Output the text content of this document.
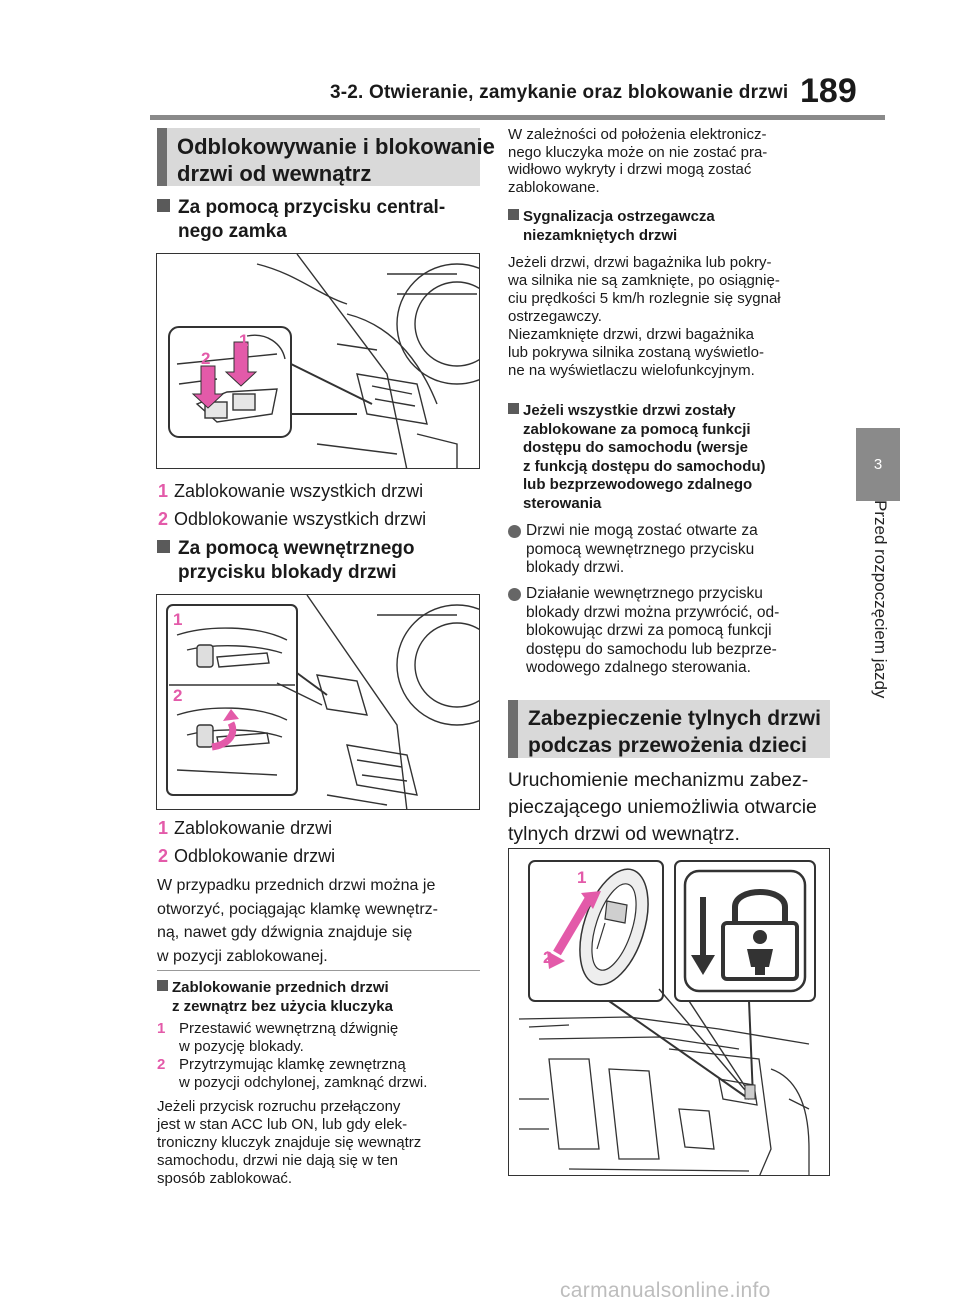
3-2. Otwieranie, zamykanie oraz blokowanie drzwi 189
3
Przed rozpoczęciem jazdy
Odblokowywanie i blokowanie
drzwi od wewnątrz
Za pomocą przycisku central-
nego zamka
1
2
1 Zablokowanie wszystkich drzwi
2 Odblokowanie wszystkich drzwi
Za pomocą wewnętrznego
przycisku blokady drzwi
1
2
1 Zablokowanie drzwi
2 Odblokowanie drzwi
W przypadku przednich drzwi można je
otworzyć, pociągając klamkę wewnętrz-
ną, nawet gdy dźwignia znajduje się
w pozycji zablokowanej.
Zablokowanie przednich drzwi
z zewnątrz bez użycia kluczyka
1 Przestawić wewnętrzną dźwignię
w pozycję blokady.
2 Przytrzymując klamkę zewnętrzną
w pozycji odchylonej, zamknąć drzwi.
Jeżeli przycisk rozruchu przełączony
jest w stan ACC lub ON, lub gdy elek-
troniczny kluczyk znajduje się wewnątrz
samochodu, drzwi nie dają się w ten
sposób zablokować.
W zależności od położenia elektronicz-
nego kluczyka może on nie zostać pra-
widłowo wykryty i drzwi mogą zostać
zablokowane.
Sygnalizacja ostrzegawcza
niezamkniętych drzwi
Jeżeli drzwi, drzwi bagażnika lub pokry-
wa silnika nie są zamknięte, po osiągnię-
ciu prędkości 5 km/h rozlegnie się sygnał
ostrzegawczy.
Niezamknięte drzwi, drzwi bagażnika
lub pokrywa silnika zostaną wyświetlo-
ne na wyświetlaczu wielofunkcyjnym.
Jeżeli wszystkie drzwi zostały
zablokowane za pomocą funkcji
dostępu do samochodu (wersje
z funkcją dostępu do samochodu)
lub bezprzewodowego zdalnego
sterowania
Drzwi nie mogą zostać otwarte za
pomocą wewnętrznego przycisku
blokady drzwi.
Działanie wewnętrznego przycisku
blokady drzwi można przywrócić, od-
blokowując drzwi za pomocą funkcji
dostępu do samochodu lub bezprze-
wodowego zdalnego sterowania.
Zabezpieczenie tylnych drzwi
podczas przewożenia dzieci
Uruchomienie mechanizmu zabez-
pieczającego uniemożliwia otwarcie
tylnych drzwi od wewnątrz.
1
2
carmanualsonline.info
